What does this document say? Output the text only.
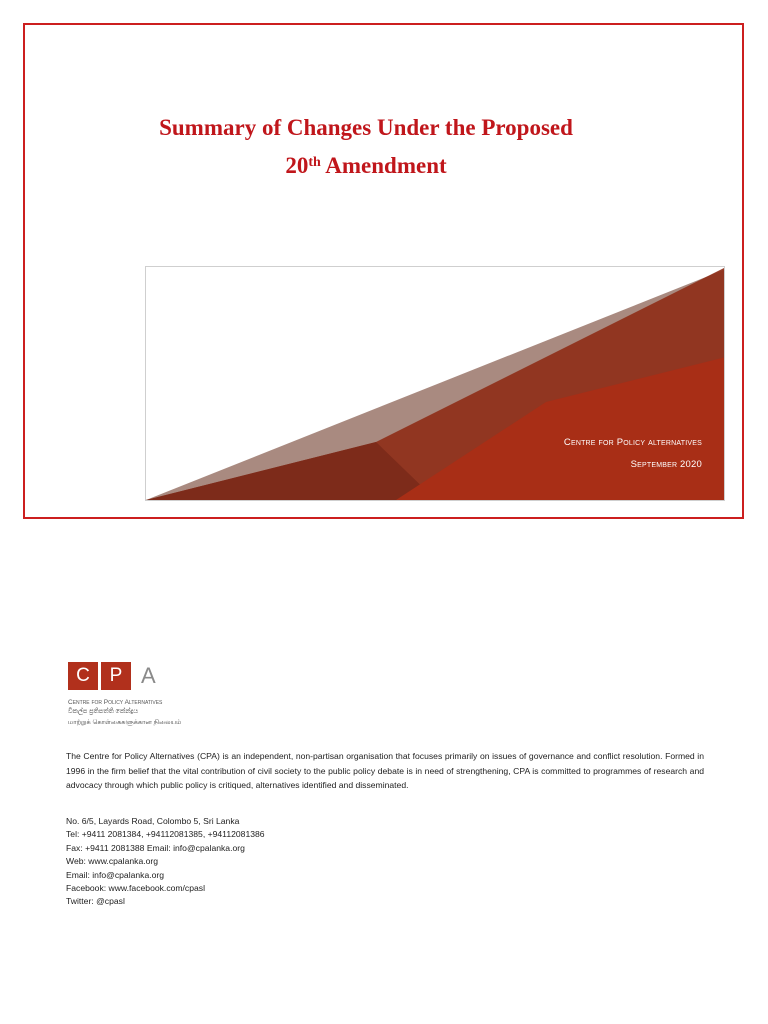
Summary of Changes Under the Proposed
20th Amendment
Centre for Policy alternatives
September 2020
C	P A
Centre for Policy Alternatives
විකල්ප ප්‍රතිපත්ති කේන්ද්‍රය
மாற்றுக் கொள்கைகளுக்கான நிலையம்
The Centre for Policy Alternatives (CPA) is an independent, non-partisan organisation that focuses primarily on issues of governance and conflict resolution. Formed in 1996 in the firm belief that the vital contribution of civil society to the public policy debate is in need of strengthening, CPA is committed to programmes of research and advocacy through which public policy is critiqued, alternatives identified and disseminated.
No. 6/5, Layards Road, Colombo 5, Sri Lanka
Tel: +9411 2081384, +94112081385, +94112081386
Fax: +9411 2081388 Email: info@cpalanka.org
Web: www.cpalanka.org
Email: info@cpalanka.org
Facebook: www.facebook.com/cpasl
Twitter: @cpasl
